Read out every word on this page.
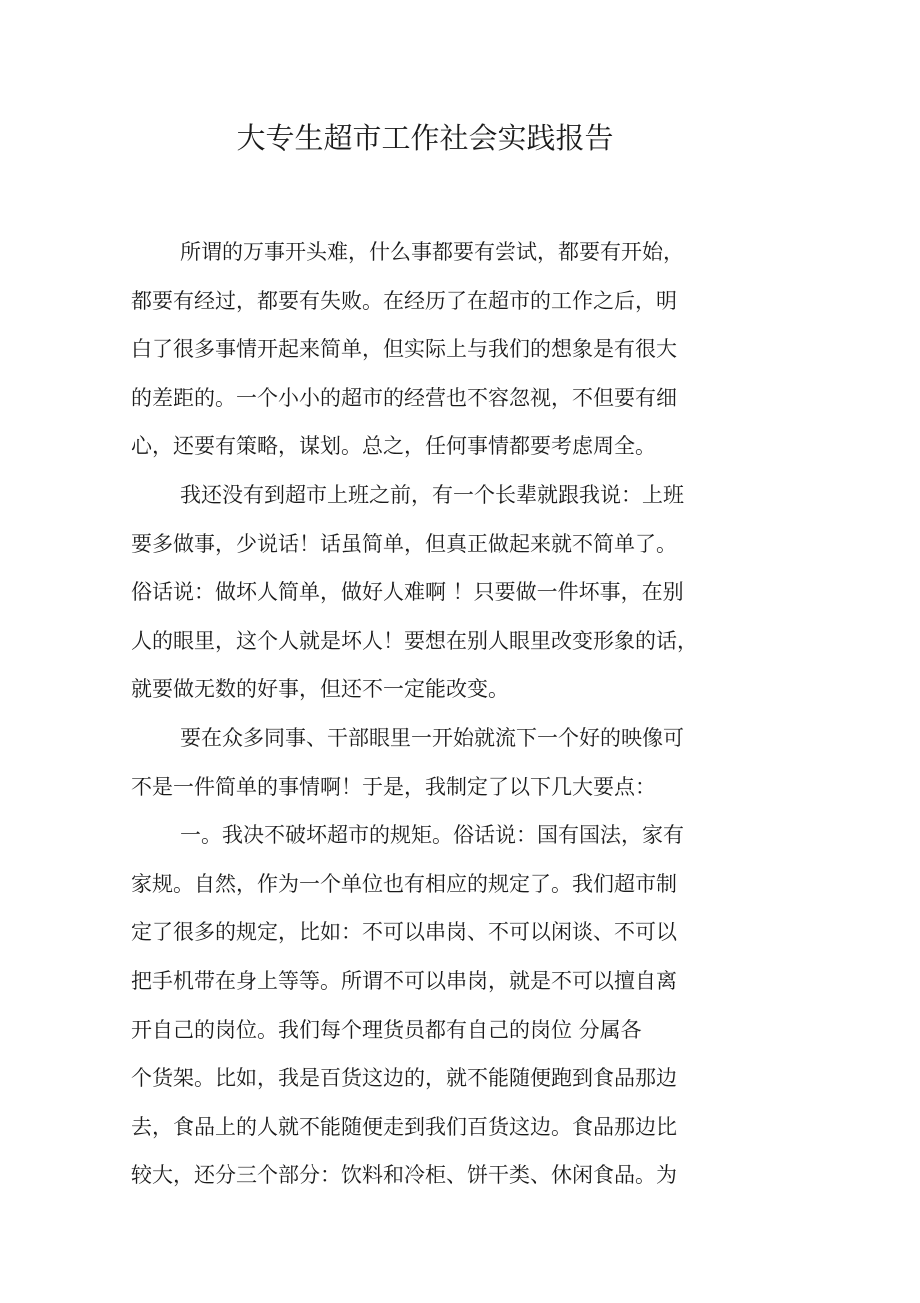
大专生超市工作社会实践报告
所谓的万事开头难，什么事都要有尝试，都要有开始，
都要有经过，都要有失败。在经历了在超市的工作之后，明
白了很多事情开起来简单，但实际上与我们的想象是有很大
的差距的。一个小小的超市的经营也不容忽视，不但要有细
心，还要有策略，谋划。总之，任何事情都要考虑周全。
我还没有到超市上班之前，有一个长辈就跟我说：上班
要多做事，少说话！话虽简单，但真正做起来就不简单了。
俗话说：做坏人简单，做好人难啊 ！只要做一件坏事，在别
人的眼里，这个人就是坏人！要想在别人眼里改变形象的话，
就要做无数的好事，但还不一定能改变。
要在众多同事、干部眼里一开始就流下一个好的映像可
不是一件简单的事情啊！于是，我制定了以下几大要点：
一。我决不破坏超市的规矩。俗话说：国有国法，家有
家规。自然，作为一个单位也有相应的规定了。我们超市制
定了很多的规定，比如：不可以串岗、不可以闲谈、不可以
把手机带在身上等等。所谓不可以串岗，就是不可以擅自离
开自己的岗位。我们每个理货员都有自己的岗位 分属各
个货架。比如，我是百货这边的，就不能随便跑到食品那边
去，食品上的人就不能随便走到我们百货这边。食品那边比
较大，还分三个部分：饮料和冷柜、饼干类、休闲食品。为
